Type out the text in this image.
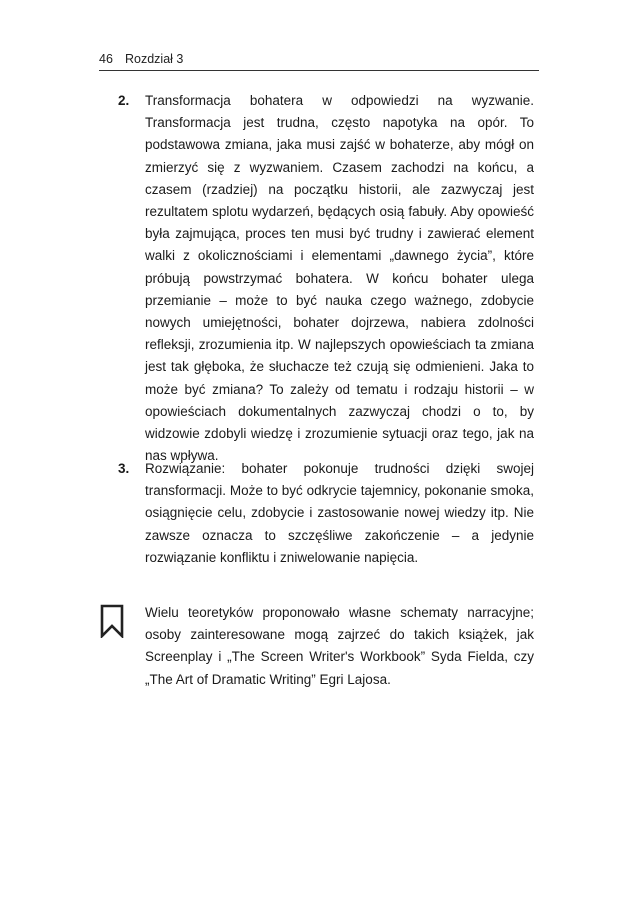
46 Rozdział 3
2. Transformacja bohatera w odpowiedzi na wyzwanie. Transformacja jest trudna, często napotyka na opór. To podstawowa zmiana, jaka musi zajść w bohaterze, aby mógł on zmierzyć się z wyzwaniem. Czasem zachodzi na końcu, a czasem (rzadziej) na początku historii, ale zazwyczaj jest rezultatem splotu wydarzeń, będących osią fabuły. Aby opowieść była zajmująca, proces ten musi być trudny i zawierać element walki z okolicznościami i elementami „dawnego życia”, które próbują powstrzymać bohatera. W końcu bohater ulega przemianie – może to być nauka czego ważnego, zdobycie nowych umiejętności, bohater dojrzewa, nabiera zdolności refleksji, zrozumienia itp. W najlepszych opowieściach ta zmiana jest tak głęboka, że słuchacze też czują się odmienieni. Jaka to może być zmiana? To zależy od tematu i rodzaju historii – w opowieściach dokumentalnych zazwyczaj chodzi o to, by widzowie zdobyli wiedzę i zrozumienie sytuacji oraz tego, jak na nas wpływa.
3. Rozwiązanie: bohater pokonuje trudności dzięki swojej transformacji. Może to być odkrycie tajemnicy, pokonanie smoka, osiągnięcie celu, zdobycie i zastosowanie nowej wiedzy itp. Nie zawsze oznacza to szczęśliwe zakończenie – a jedynie rozwiązanie konfliktu i zniwelowanie napięcia.
Wielu teoretyków proponowało własne schematy narracyjne; osoby zainteresowane mogą zajrzeć do takich książek, jak Screenplay i „The Screen Writer's Workbook” Syda Fielda, czy „The Art of Dramatic Writing” Egri Lajosa.
